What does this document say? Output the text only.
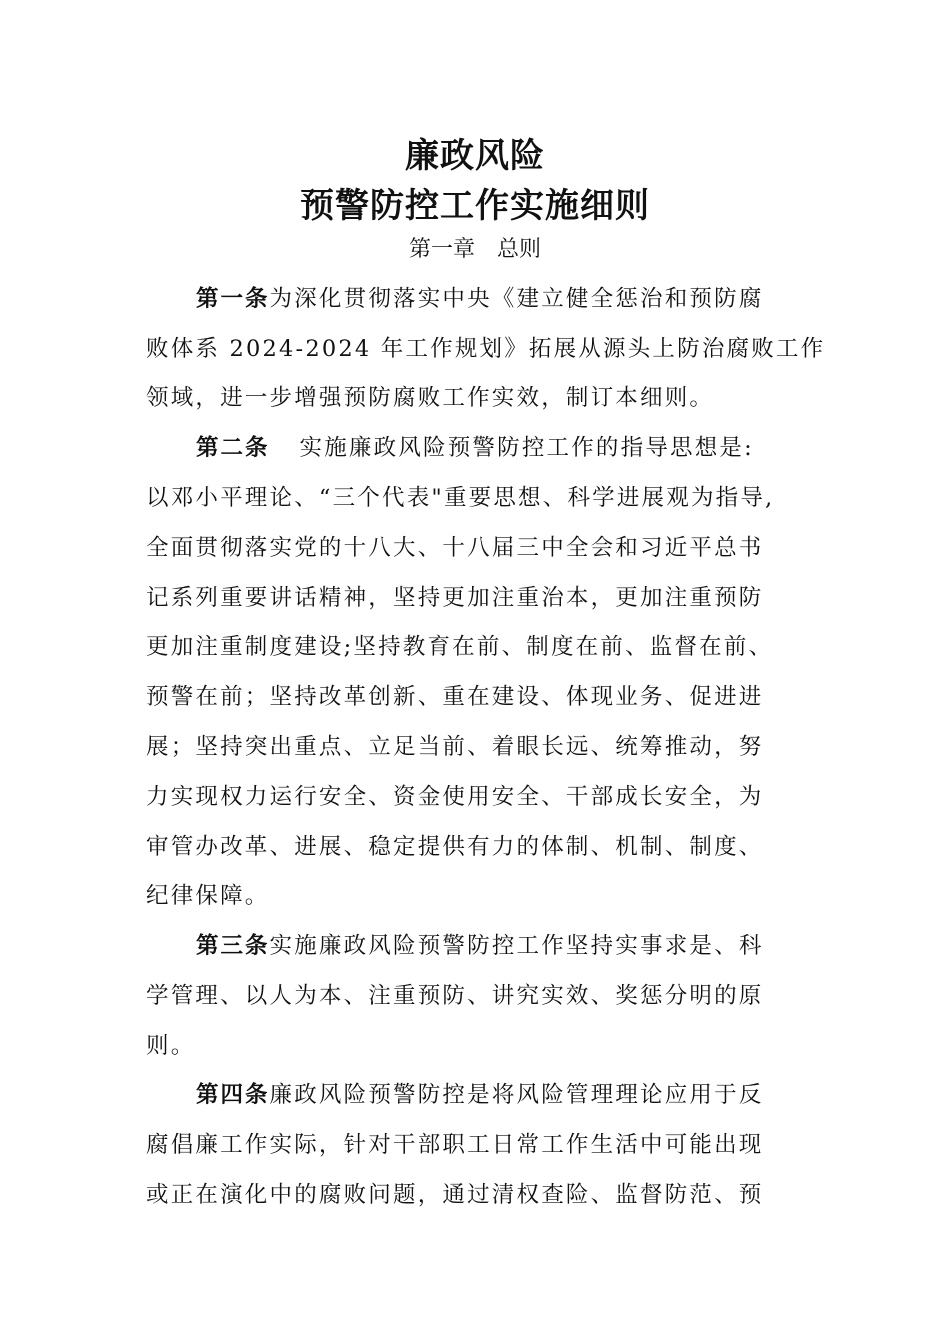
廉政风险
预警防控工作实施细则
第一章　总则
第一条为深化贯彻落实中央《建立健全惩治和预防腐
败体系 2024-2024 年工作规划》拓展从源头上防治腐败工作
领域，进一步增强预防腐败工作实效，制订本细则。
第二条 实施廉政风险预警防控工作的指导思想是:
以邓小平理论、“三个代表"重要思想、科学进展观为指导,
全面贯彻落实党的十八大、十八届三中全会和习近平总书
记系列重要讲话精神，坚持更加注重治本，更加注重预防
更加注重制度建设;坚持教育在前、制度在前、监督在前、
预警在前；坚持改革创新、重在建设、体现业务、促进进
展；坚持突出重点、立足当前、着眼长远、统筹推动，努
力实现权力运行安全、资金使用安全、干部成长安全，为
审管办改革、进展、稳定提供有力的体制、机制、制度、
纪律保障。
第三条实施廉政风险预警防控工作坚持实事求是、科
学管理、以人为本、注重预防、讲究实效、奖惩分明的原
则。
第四条廉政风险预警防控是将风险管理理论应用于反
腐倡廉工作实际，针对干部职工日常工作生活中可能出现
或正在演化中的腐败问题，通过清权查险、监督防范、预
